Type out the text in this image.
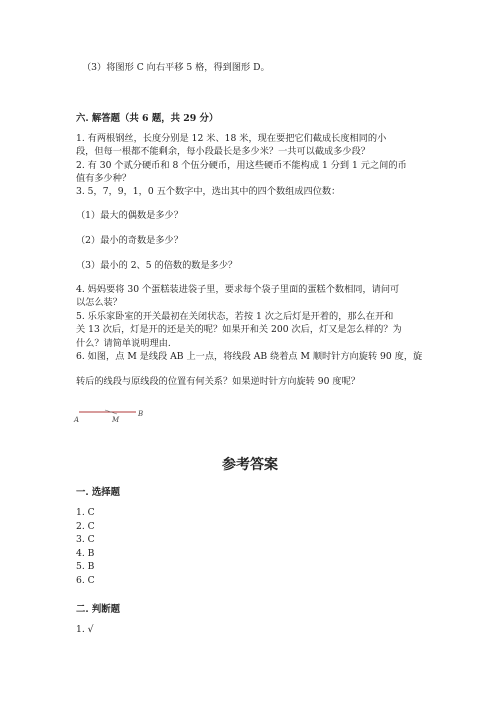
（3）将图形 C 向右平移 5 格，得到图形 D。
六. 解答题（共 6 题，共 29 分）
1. 有两根钢丝，长度分别是 12 米、18 米，现在要把它们截成长度相同的小
段，但每一根都不能剩余，每小段最长是多少米？一共可以截成多少段？
2. 有 30 个贰分硬币和 8 个伍分硬币，用这些硬币不能构成 1 分到 1 元之间的币
值有多少种？
3. 5，7，9，1，0 五个数字中，选出其中的四个数组成四位数：
（1）最大的偶数是多少？
（2）最小的奇数是多少？
（3）最小的 2、5 的倍数的数是多少？
4. 妈妈要将 30 个蛋糕装进袋子里，要求每个袋子里面的蛋糕个数相同，请问可
以怎么装？
5. 乐乐家卧室的开关最初在关闭状态，若按 1 次之后灯是开着的，那么在开和
关 13 次后，灯是开的还是关的呢？如果开和关 200 次后，灯又是怎么样的？为
什么？请简单说明理由.
6. 如图，点 M 是线段 AB 上一点，将线段 AB 绕着点 M 顺时针方向旋转 90 度，旋
转后的线段与原线段的位置有何关系？如果逆时针方向旋转 90 度呢？
A	M
B
参考答案
一. 选择题
1. C
2. C
3. C
4. B
5. B
6. C
二. 判断题
1. √
